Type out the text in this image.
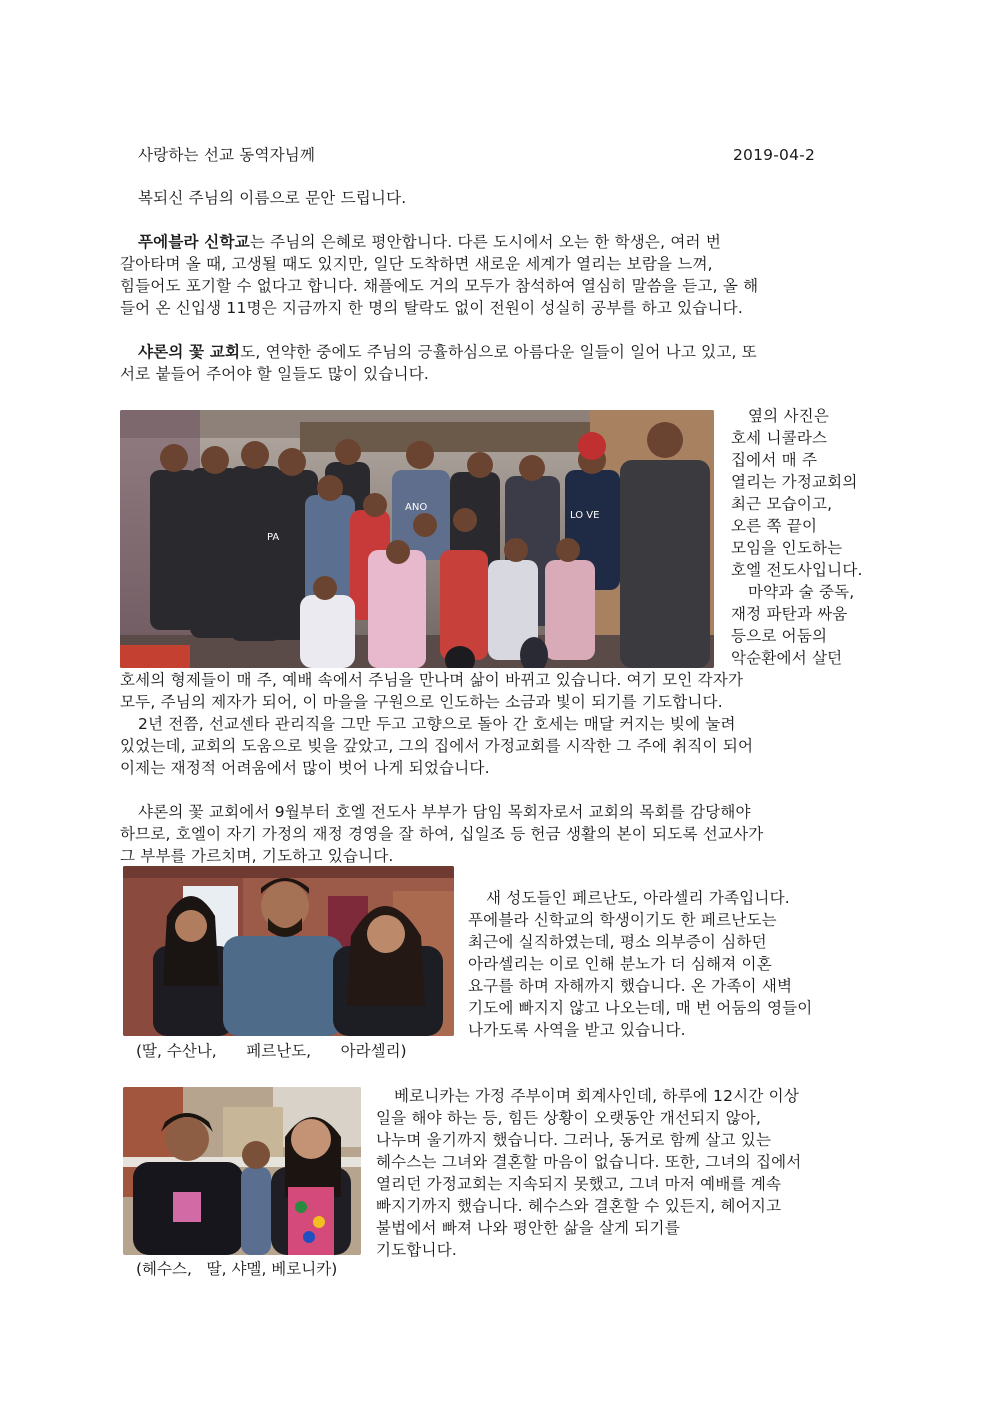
사랑하는 선교 동역자님께	2019-04-2
복되신 주님의 이름으로 문안 드립니다.
푸에블라 신학교는 주님의 은혜로 평안합니다. 다른 도시에서 오는 한 학생은, 여러 번
갈아타며 올 때, 고생될 때도 있지만, 일단 도착하면 새로운 세계가 열리는 보람을 느껴,
힘들어도 포기할 수 없다고 합니다. 채플에도 거의 모두가 참석하여 열심히 말씀을 듣고, 올 해
들어 온 신입생 11명은 지금까지 한 명의 탈락도 없이 전원이 성실히 공부를 하고 있습니다.
샤론의 꽃 교회도, 연약한 중에도 주님의 긍휼하심으로 아름다운 일들이 일어 나고 있고, 또
서로 붙들어 주어야 할 일들도 많이 있습니다.
ANO
LO VE
PA
옆의 사진은
호세 니콜라스
집에서 매 주
열리는 가정교회의
최근 모습이고,
오른 쪽 끝이
모임을 인도하는
호엘 전도사입니다.
마약과 술 중독,
재정 파탄과 싸움
등으로 어둠의
악순환에서 살던
호세의 형제들이 매 주, 예배 속에서 주님을 만나며 삶이 바뀌고 있습니다. 여기 모인 각자가
모두, 주님의 제자가 되어, 이 마을을 구원으로 인도하는 소금과 빛이 되기를 기도합니다.
2년 전쯤, 선교센타 관리직을 그만 두고 고향으로 돌아 간 호세는 매달 커지는 빚에 눌려
있었는데, 교회의 도움으로 빚을 갚았고, 그의 집에서 가정교회를 시작한 그 주에 취직이 되어
이제는 재정적 어려움에서 많이 벗어 나게 되었습니다.
샤론의 꽃 교회에서 9월부터 호엘 전도사 부부가 담임 목회자로서 교회의 목회를 감당해야
하므로, 호엘이 자기 가정의 재정 경영을 잘 하여, 십일조 등 헌금 생활의 본이 되도록 선교사가
그 부부를 가르치며, 기도하고 있습니다.
(딸, 수산나,      페르난도,      아라셀리)
새 성도들인 페르난도, 아라셀리 가족입니다.
푸에블라 신학교의 학생이기도 한 페르난도는
최근에 실직하였는데, 평소 의부증이 심하던
아라셀리는 이로 인해 분노가 더 심해져 이혼
요구를 하며 자해까지 했습니다. 온 가족이 새벽
기도에 빠지지 않고 나오는데, 매 번 어둠의 영들이
나가도록 사역을 받고 있습니다.
(헤수스,   딸, 샤멜, 베로니카)
베로니카는 가정 주부이며 회계사인데, 하루에 12시간 이상
일을 해야 하는 등, 힘든 상황이 오랫동안 개선되지 않아,
나누며 울기까지 했습니다. 그러나, 동거로 함께 살고 있는
헤수스는 그녀와 결혼할 마음이 없습니다. 또한, 그녀의 집에서
열리던 가정교회는 지속되지 못했고, 그녀 마저 예배를 계속
빠지기까지 했습니다. 헤수스와 결혼할 수 있든지, 헤어지고
불법에서 빠져 나와 평안한 삶을 살게 되기를
기도합니다.
